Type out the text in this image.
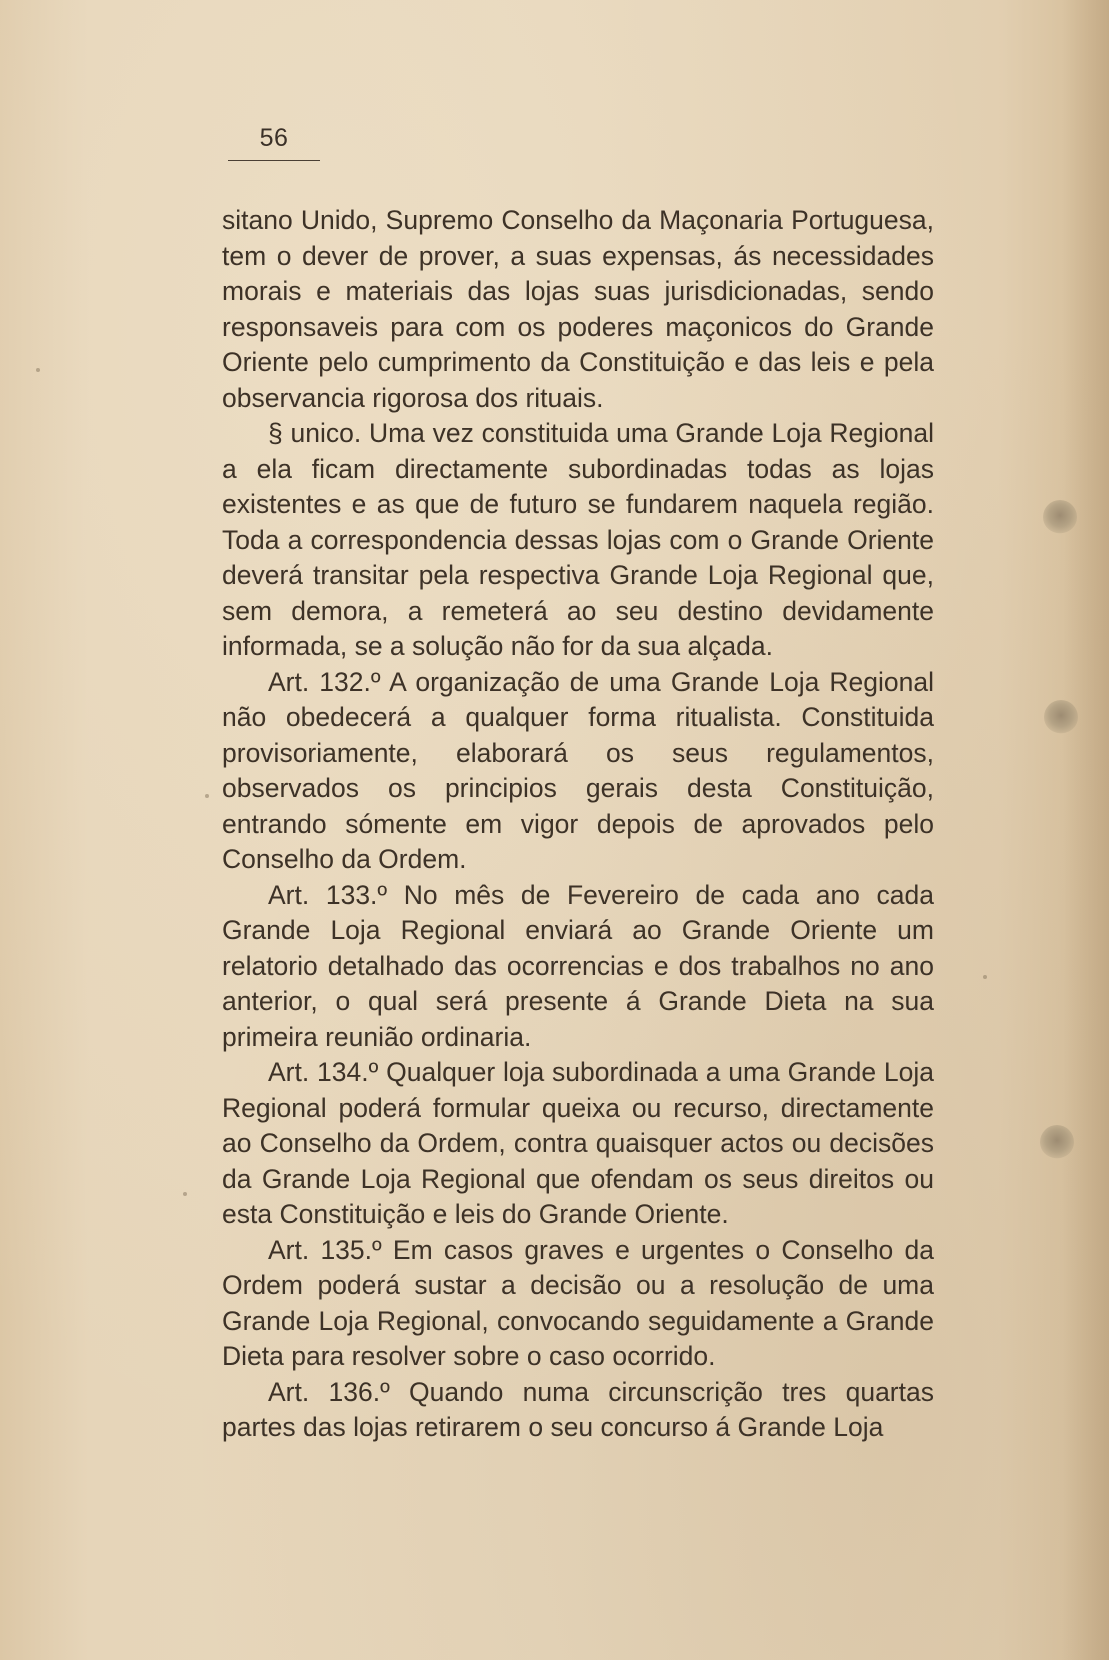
56

sitano Unido, Supremo Conselho da Maçonaria Portuguesa, tem o dever de prover, a suas expensas, ás necessidades morais e materiais das lojas suas jurisdicionadas, sendo responsaveis para com os poderes maçonicos do Grande Oriente pelo cumprimento da Constituição e das leis e pela observancia rigorosa dos rituais.

§ unico. Uma vez constituida uma Grande Loja Regional a ela ficam directamente subordinadas todas as lojas existentes e as que de futuro se fundarem naquela região. Toda a correspondencia dessas lojas com o Grande Oriente deverá transitar pela respectiva Grande Loja Regional que, sem demora, a remeterá ao seu destino devidamente informada, se a solução não for da sua alçada.

Art. 132.º A organização de uma Grande Loja Regional não obedecerá a qualquer forma ritualista. Constituida provisoriamente, elaborará os seus regulamentos, observados os principios gerais desta Constituição, entrando sómente em vigor depois de aprovados pelo Conselho da Ordem.

Art. 133.º No mês de Fevereiro de cada ano cada Grande Loja Regional enviará ao Grande Oriente um relatorio detalhado das ocorrencias e dos trabalhos no ano anterior, o qual será presente á Grande Dieta na sua primeira reunião ordinaria.

Art. 134.º Qualquer loja subordinada a uma Grande Loja Regional poderá formular queixa ou recurso, directamente ao Conselho da Ordem, contra quaisquer actos ou decisões da Grande Loja Regional que ofendam os seus direitos ou esta Constituição e leis do Grande Oriente.

Art. 135.º Em casos graves e urgentes o Conselho da Ordem poderá sustar a decisão ou a resolução de uma Grande Loja Regional, convocando seguidamente a Grande Dieta para resolver sobre o caso ocorrido.

Art. 136.º Quando numa circunscrição tres quartas partes das lojas retirarem o seu concurso á Grande Loja
